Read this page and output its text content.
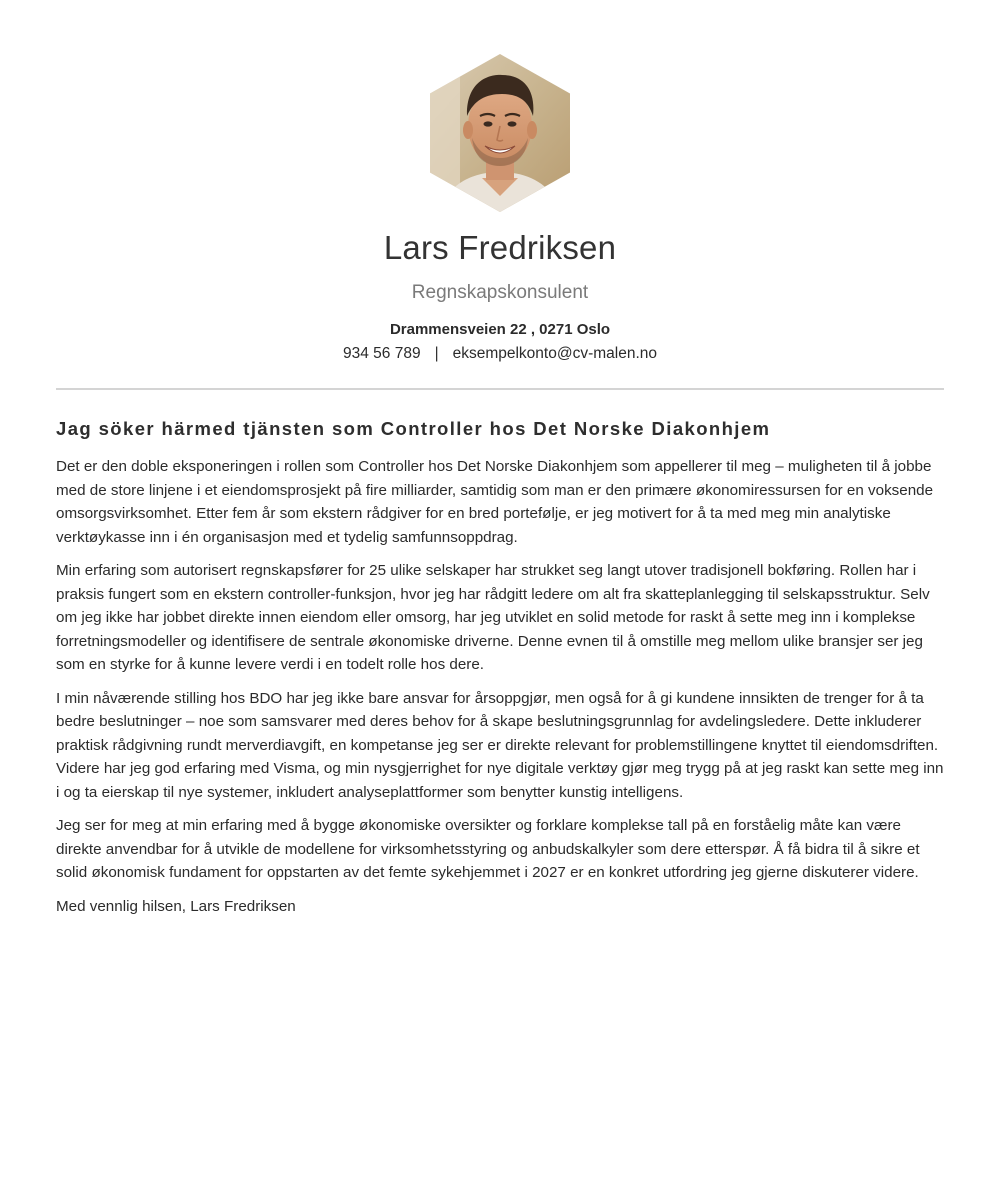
Lars Fredriksen
Regnskapskonsulent
Drammensveien 22 , 0271 Oslo
934 56 789 | eksempelkonto@cv-malen.no
Jag söker härmed tjänsten som Controller hos Det Norske Diakonhjem

Det er den doble eksponeringen i rollen som Controller hos Det Norske Diakonhjem som appellerer til meg – muligheten til å jobbe med de store linjene i et eiendomsprosjekt på fire milliarder, samtidig som man er den primære økonomiressursen for en voksende omsorgsvirksomhet. Etter fem år som ekstern rådgiver for en bred portefølje, er jeg motivert for å ta med meg min analytiske verktøykasse inn i én organisasjon med et tydelig samfunnsoppdrag.

Min erfaring som autorisert regnskapsfører for 25 ulike selskaper har strukket seg langt utover tradisjonell bokføring. Rollen har i praksis fungert som en ekstern controller-funksjon, hvor jeg har rådgitt ledere om alt fra skatteplanlegging til selskapsstruktur. Selv om jeg ikke har jobbet direkte innen eiendom eller omsorg, har jeg utviklet en solid metode for raskt å sette meg inn i komplekse forretningsmodeller og identifisere de sentrale økonomiske driverne. Denne evnen til å omstille meg mellom ulike bransjer ser jeg som en styrke for å kunne levere verdi i en todelt rolle hos dere.

I min nåværende stilling hos BDO har jeg ikke bare ansvar for årsoppgjør, men også for å gi kundene innsikten de trenger for å ta bedre beslutninger – noe som samsvarer med deres behov for å skape beslutningsgrunnlag for avdelingsledere. Dette inkluderer praktisk rådgivning rundt merverdiavgift, en kompetanse jeg ser er direkte relevant for problemstillingene knyttet til eiendomsdriften. Videre har jeg god erfaring med Visma, og min nysgjerrighet for nye digitale verktøy gjør meg trygg på at jeg raskt kan sette meg inn i og ta eierskap til nye systemer, inkludert analyseplattformer som benytter kunstig intelligens.

Jeg ser for meg at min erfaring med å bygge økonomiske oversikter og forklare komplekse tall på en forståelig måte kan være direkte anvendbar for å utvikle de modellene for virksomhetsstyring og anbudskalkyler som dere etterspør. Å få bidra til å sikre et solid økonomisk fundament for oppstarten av det femte sykehjemmet i 2027 er en konkret utfordring jeg gjerne diskuterer videre.

Med vennlig hilsen, Lars Fredriksen
